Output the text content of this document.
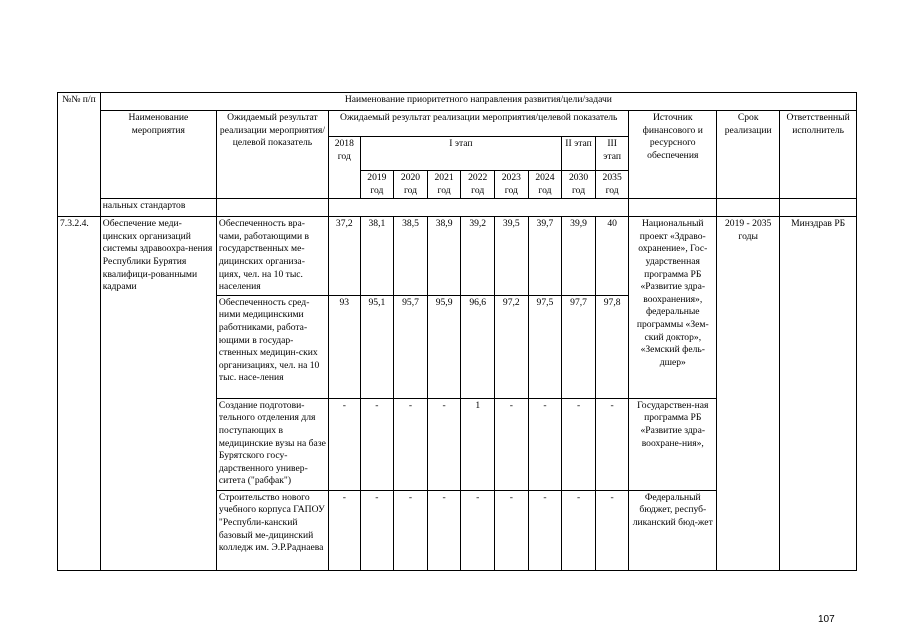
№№ п/п	Наименование приоритетного направления развития/цели/задачи													
	Наименование мероприятия	Ожидаемый результат реализации мероприятия/целевой показатель	Ожидаемый результат реализации мероприятия/целевой показатель									Источник финансового и ресурсного обеспечения	Срок реализации	Ответственный исполнитель
			2018 год	I этап						II этап	III этап			
				2019 год	2020 год	2021 год	2022 год	2023 год	2024 год	2030 год	2035 год			
	нальных стандартов													
7.3.2.4.	Обеспечение меди-цинских организаций системы здравоохра-нения Республики Бурятия квалифици-рованными кадрами	Обеспеченность вра-чами, работающими в государственных ме-дицинских организа-циях, чел. на 10 тыс. населения	37,2	38,1	38,5	38,9	39,2	39,5	39,7	39,9	40	Национальный проект «Здраво-охранение», Гос-ударственная программа РБ «Развитие здра-воохранения», федеральные программы «Зем-ский доктор», «Земский фель-дшер»	2019 - 2035 годы	Минздрав РБ
		Обеспеченность сред-ними медицинскими работниками, работа-ющими в государ-ственных медицин-ских организациях, чел. на 10 тыс. насе-ления	93	95,1	95,7	95,9	96,6	97,2	97,5	97,7	97,8			
		Создание подготови-тельного отделения для поступающих в медицинские вузы на базе Бурятского госу-дарственного универ-ситета ("рабфак")	-	-	-	-	1	-	-	-	-	Государствен-ная программа РБ «Развитие здра-воохране-ния»,		
		Строительство нового учебного корпуса ГАПОУ "Республи-канский базовый ме-дицинский колледж им. Э.Р.Раднаева	-	-	-	-	-	-	-	-	-	Федеральный бюджет, респуб-ликанский бюд-жет		
107
